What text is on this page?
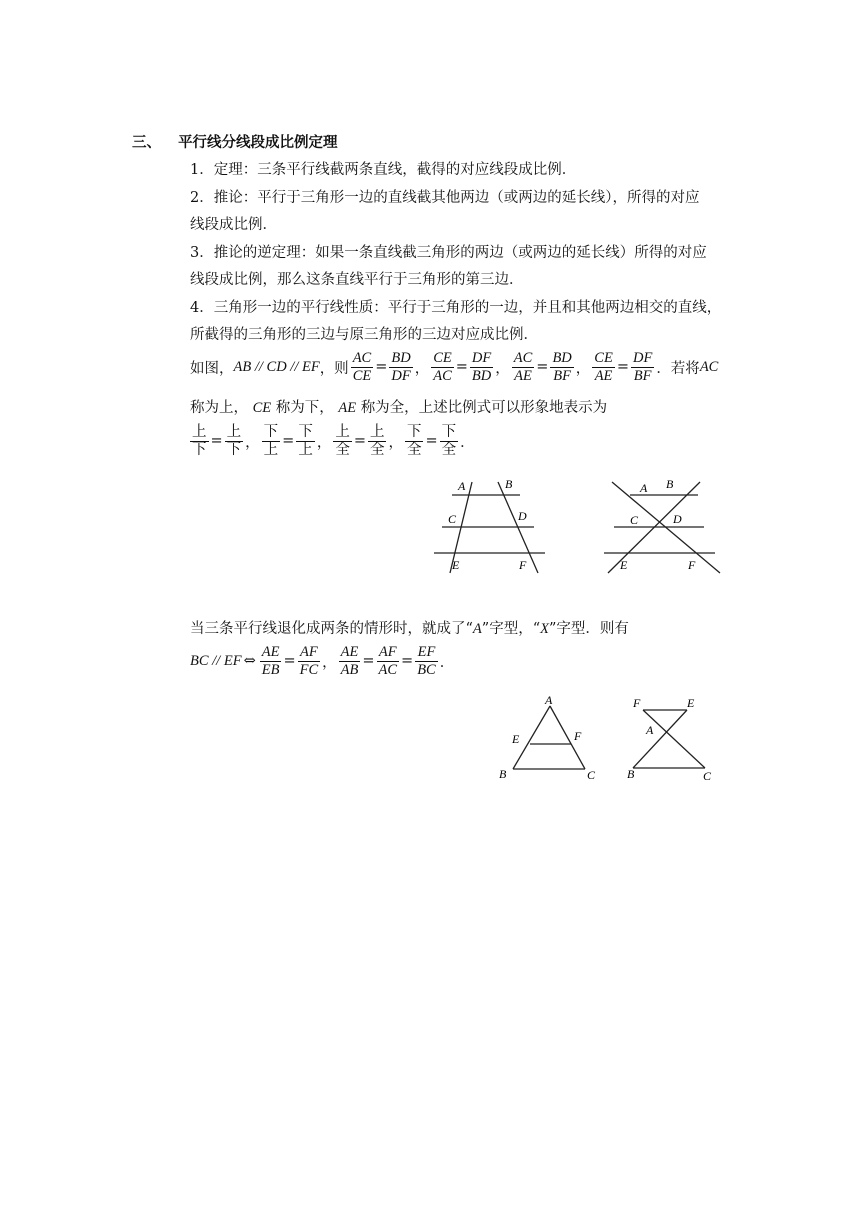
三、 平行线分线段成比例定理
1．定理：三条平行线截两条直线，截得的对应线段成比例．
2．推论：平行于三角形一边的直线截其他两边（或两边的延长线），所得的对应
线段成比例．
3．推论的逆定理：如果一条直线截三角形的两边（或两边的延长线）所得的对应
线段成比例，那么这条直线平行于三角形的第三边．
4．三角形一边的平行线性质：平行于三角形的一边，并且和其他两边相交的直线，
所截得的三角形的三边与原三角形的三边对应成比例．
如图， AB // CD // EF ，则 $\frac{AC}{CE} = \frac{BD}{DF}$ ， $\frac{CE}{AC} = \frac{DF}{BD}$ ， $\frac{AC}{AE} = \frac{BD}{BF}$ ， $\frac{CE}{AE} = \frac{DF}{BF}$ ．若将 AC
称为上， CE 称为下， AE 称为全，上述比例式可以形象地表示为
$\frac{\text{上}}{\text{下}} = \frac{\text{上}}{\text{下}}$ ， $\frac{\text{下}}{\text{上}} = \frac{\text{下}}{\text{上}}$ ， $\frac{\text{上}}{\text{全}} = \frac{\text{上}}{\text{全}}$ ， $\frac{\text{下}}{\text{全}} = \frac{\text{下}}{\text{全}}$ ．
A	B
C	D
E	F
A B
C	D
E	F
当三条平行线退化成两条的情形时，就成了“A”字型，“X”字型．则有
BC // EF ⇔ $\frac{AE}{EB} = \frac{AF}{FC}$ ， $\frac{AE}{AB} = \frac{AF}{AC} = \frac{EF}{BC}$ ．
A
E	F
B	C
F	E
A
B	C
